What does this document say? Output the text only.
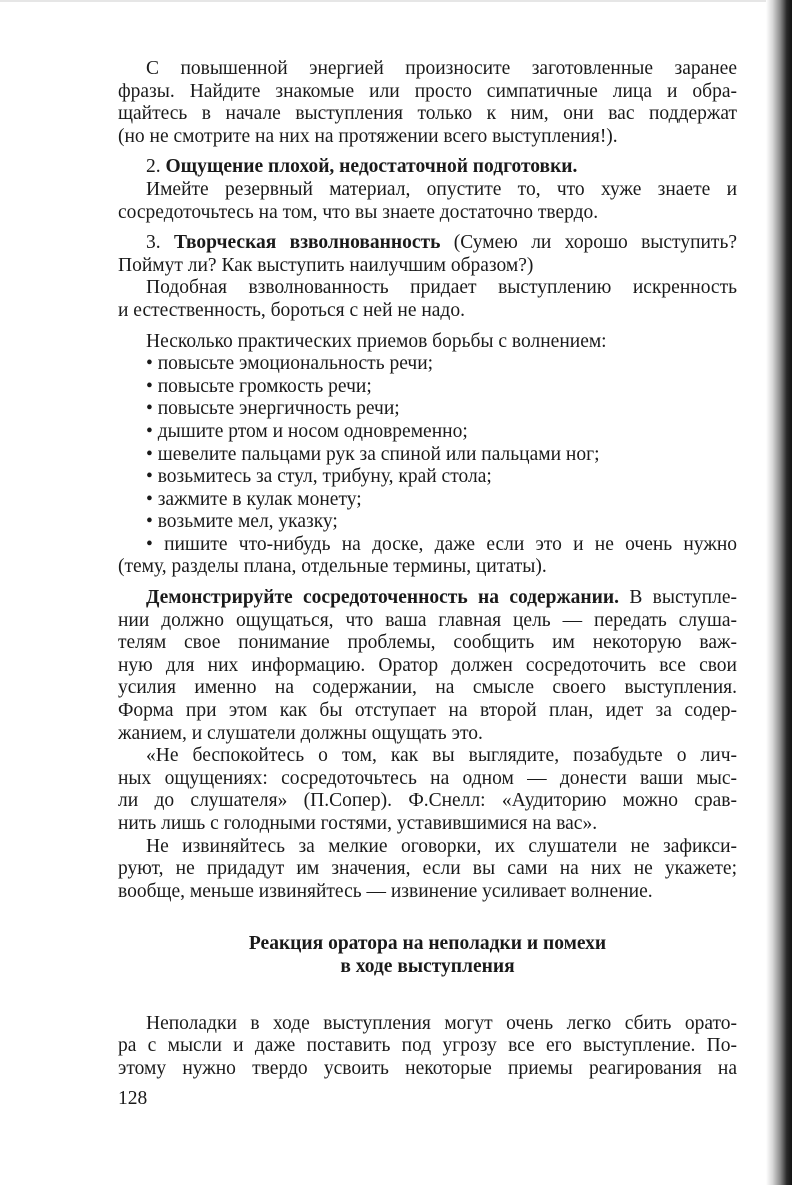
С повышенной энергией произносите заготовленные заранее
фразы. Найдите знакомые или просто симпатичные лица и обра-
щайтесь в начале выступления только к ним, они вас поддержат
(но не смотрите на них на протяжении всего выступления!).
2. Ощущение плохой, недостаточной подготовки.
Имейте резервный материал, опустите то, что хуже знаете и
сосредоточьтесь на том, что вы знаете достаточно твердо.
3. Творческая взволнованность (Сумею ли хорошо выступить?
Поймут ли? Как выступить наилучшим образом?)
Подобная взволнованность придает выступлению искренность
и естественность, бороться с ней не надо.
Несколько практических приемов борьбы с волнением:
• повысьте эмоциональность речи;
• повысьте громкость речи;
• повысьте энергичность речи;
• дышите ртом и носом одновременно;
• шевелите пальцами рук за спиной или пальцами ног;
• возьмитесь за стул, трибуну, край стола;
• зажмите в кулак монету;
• возьмите мел, указку;
• пишите что-нибудь на доске, даже если это и не очень нужно
(тему, разделы плана, отдельные термины, цитаты).
Демонстрируйте сосредоточенность на содержании. В выступле-
нии должно ощущаться, что ваша главная цель — передать слуша-
телям свое понимание проблемы, сообщить им некоторую важ-
ную для них информацию. Оратор должен сосредоточить все свои
усилия именно на содержании, на смысле своего выступления.
Форма при этом как бы отступает на второй план, идет за содер-
жанием, и слушатели должны ощущать это.
«Не беспокойтесь о том, как вы выглядите, позабудьте о лич-
ных ощущениях: сосредоточьтесь на одном — донести ваши мыс-
ли до слушателя» (П.Сопер). Ф.Снелл: «Аудиторию можно срав-
нить лишь с голодными гостями, уставившимися на вас».
Не извиняйтесь за мелкие оговорки, их слушатели не зафикси-
руют, не придадут им значения, если вы сами на них не укажете;
вообще, меньше извиняйтесь — извинение усиливает волнение.
Реакция оратора на неполадки и помехи
в ходе выступления
Неполадки в ходе выступления могут очень легко сбить орато-
ра с мысли и даже поставить под угрозу все его выступление. По-
этому нужно твердо усвоить некоторые приемы реагирования на
128
